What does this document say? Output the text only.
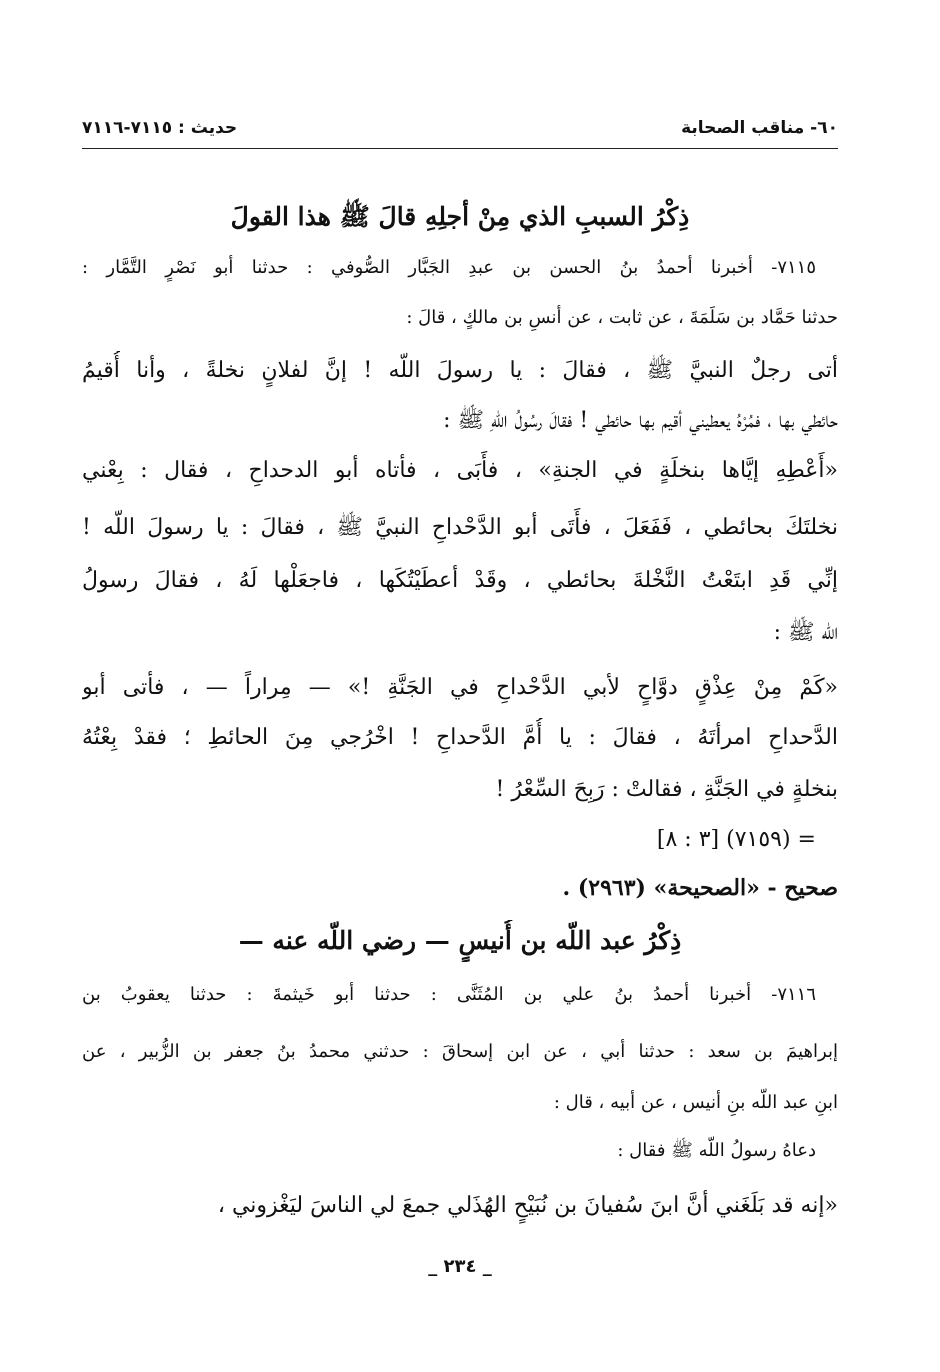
٦٠- مناقب الصحابة
حديث : ٧١١٥-٧١١٦
ذِكْرُ السببِ الذي مِنْ أجلِهِ قالَ ﷺ هذا القولَ
٧١١٥- أخبرنا أحمدُ بنُ الحسن بن عبدِ الجَبَّار الصُّوفي : حدثنا أبو نَصْرٍ التَّمَّار :
حدثنا حَمَّاد بن سَلَمَةَ ، عن ثابت ، عن أنسِ بن مالكٍ ، قالَ :
أتى رجلٌ النبيَّ ﷺ ، فقالَ : يا رسولَ اللّه ! إنَّ لفلانٍ نخلةً ، وأنا أُقيمُ
حائطي بها ، فمُرْهُ يعطيني أقيم بها حائطي ! فقالَ رسُولُ اللّهِ ﷺ :
«أَعْطِهِ إيَّاها بنخلَةٍ في الجنةِ» ، فأَبَى ، فأتاه أبو الدحداحِ ، فقال : بِعْني
نخلتَكَ بحائطي ، فَفَعَلَ ، فأَتَى أبو الدَّحْداحِ النبيَّ ﷺ ، فقالَ : يا رسولَ اللّه !
إنِّي قَدِ ابتَعْتُ النَّخْلةَ بحائطي ، وقَدْ أعطَيْتُكَها ، فاجعَلْها لَهُ ، فقالَ رسولُ
اللّه ﷺ :
«كَمْ مِنْ عِذْقٍ دوَّاحٍ لأبي الدَّحْداحِ في الجَنَّةِ !» — مِراراً — ، فأتى أبو
الدَّحداحِ امرأتَهُ ، فقالَ : يا أُمَّ الدَّحداحِ ! اخْرُجي مِنَ الحائطِ ؛ فقدْ بِعْتُهُ
بنخلةٍ في الجَنَّةِ ، فقالتْ : رَبِحَ السِّعْرُ !
= (٧١٥٩) [٣ : ٨]
صحيح - «الصحيحة» (٢٩٦٣) .
ذِكْرُ عبد اللّه بن أُنيسٍ — رضي اللّه عنه —
٧١١٦- أخبرنا أحمدُ بنُ علي بن المُثَنَّى : حدثنا أبو خَيثمةَ : حدثنا يعقوبُ بن
إبراهيمَ بن سعد : حدثنا أبي ، عن ابن إسحاقَ : حدثني محمدُ بنُ جعفر بن الزُّبير ، عن
ابنِ عبد اللّه بنِ أنيس ، عن أبيه ، قال :
دعاهُ رسولُ اللّه ﷺ فقال :
«إنه قد بَلَغَني أنَّ ابنَ سُفيانَ بن نُبَيْحٍ الهُذَلي جمعَ لي الناسَ ليَغْزوني ،
_ ٢٣٤ _
